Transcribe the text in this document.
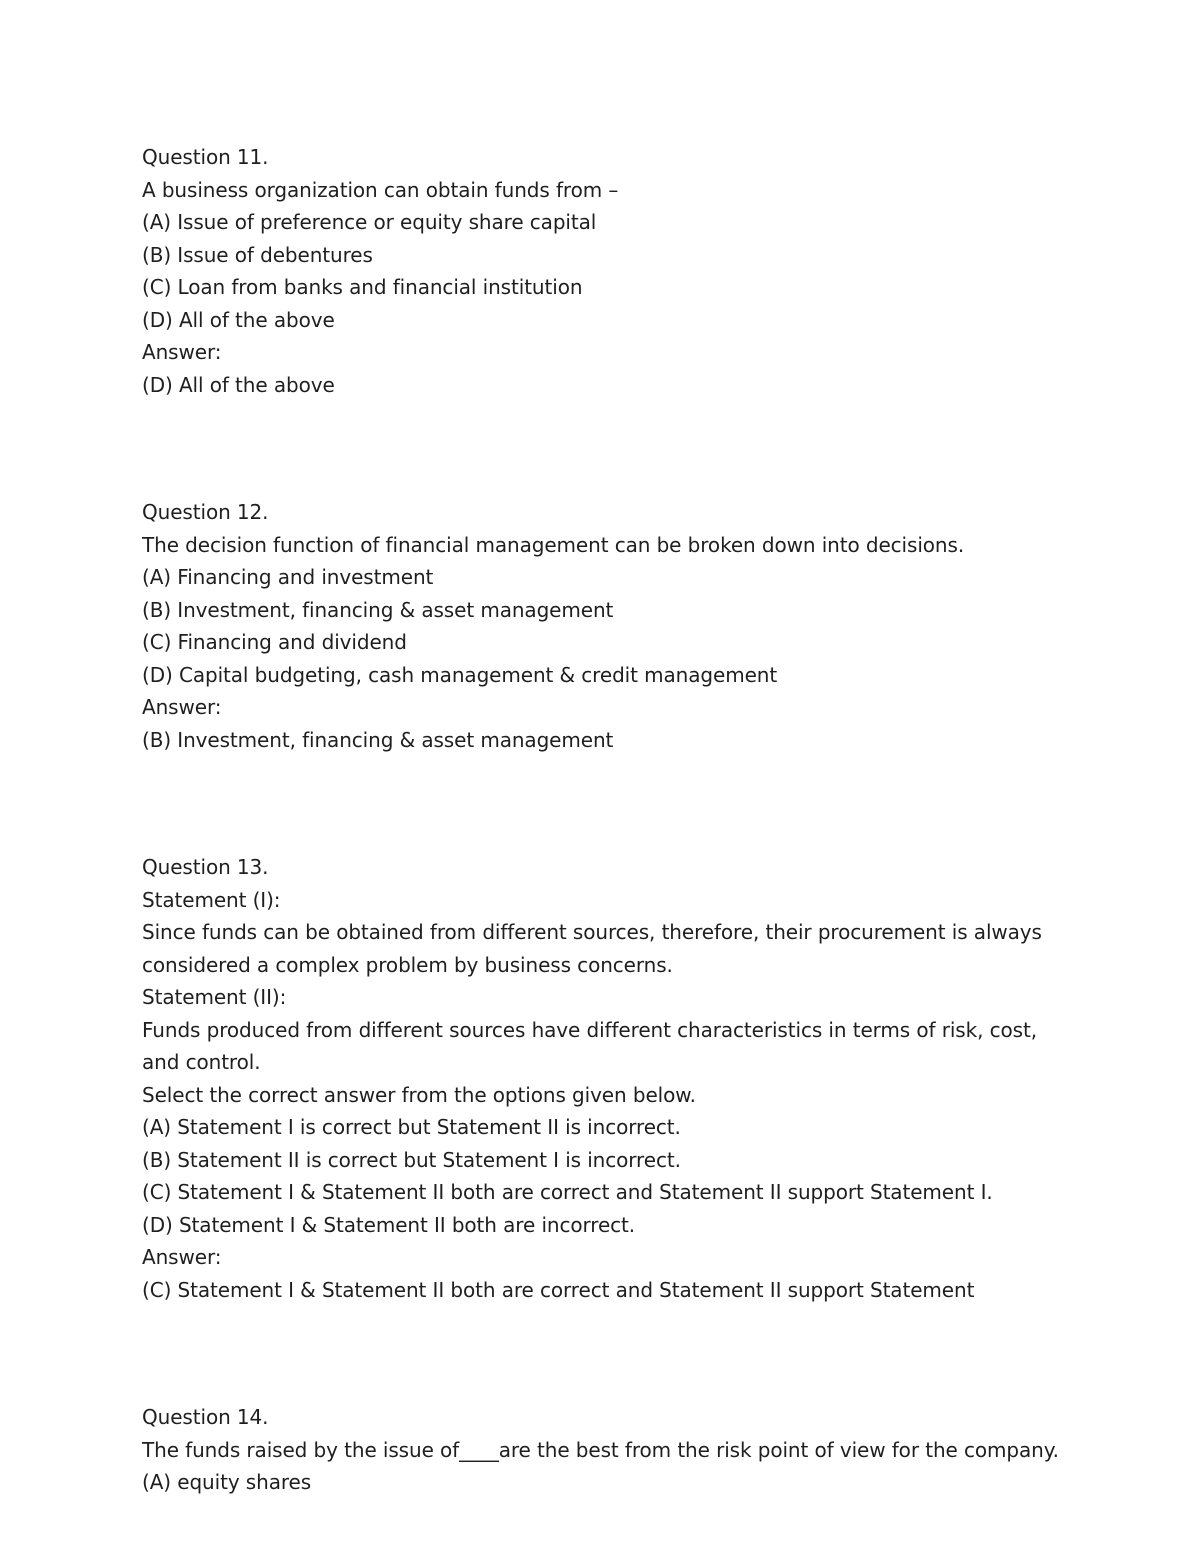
Question 11.
A business organization can obtain funds from –
(A) Issue of preference or equity share capital
(B) Issue of debentures
(C) Loan from banks and financial institution
(D) All of the above
Answer:
(D) All of the above
Question 12.
The decision function of financial management can be broken down into decisions.
(A) Financing and investment
(B) Investment, financing & asset management
(C) Financing and dividend
(D) Capital budgeting, cash management & credit management
Answer:
(B) Investment, financing & asset management
Question 13.
Statement (I):
Since funds can be obtained from different sources, therefore, their procurement is always
considered a complex problem by business concerns.
Statement (II):
Funds produced from different sources have different characteristics in terms of risk, cost,
and control.
Select the correct answer from the options given below.
(A) Statement I is correct but Statement II is incorrect.
(B) Statement II is correct but Statement I is incorrect.
(C) Statement I & Statement II both are correct and Statement II support Statement I.
(D) Statement I & Statement II both are incorrect.
Answer:
(C) Statement I & Statement II both are correct and Statement II support Statement
Question 14.
The funds raised by the issue of____are the best from the risk point of view for the company.
(A) equity shares
